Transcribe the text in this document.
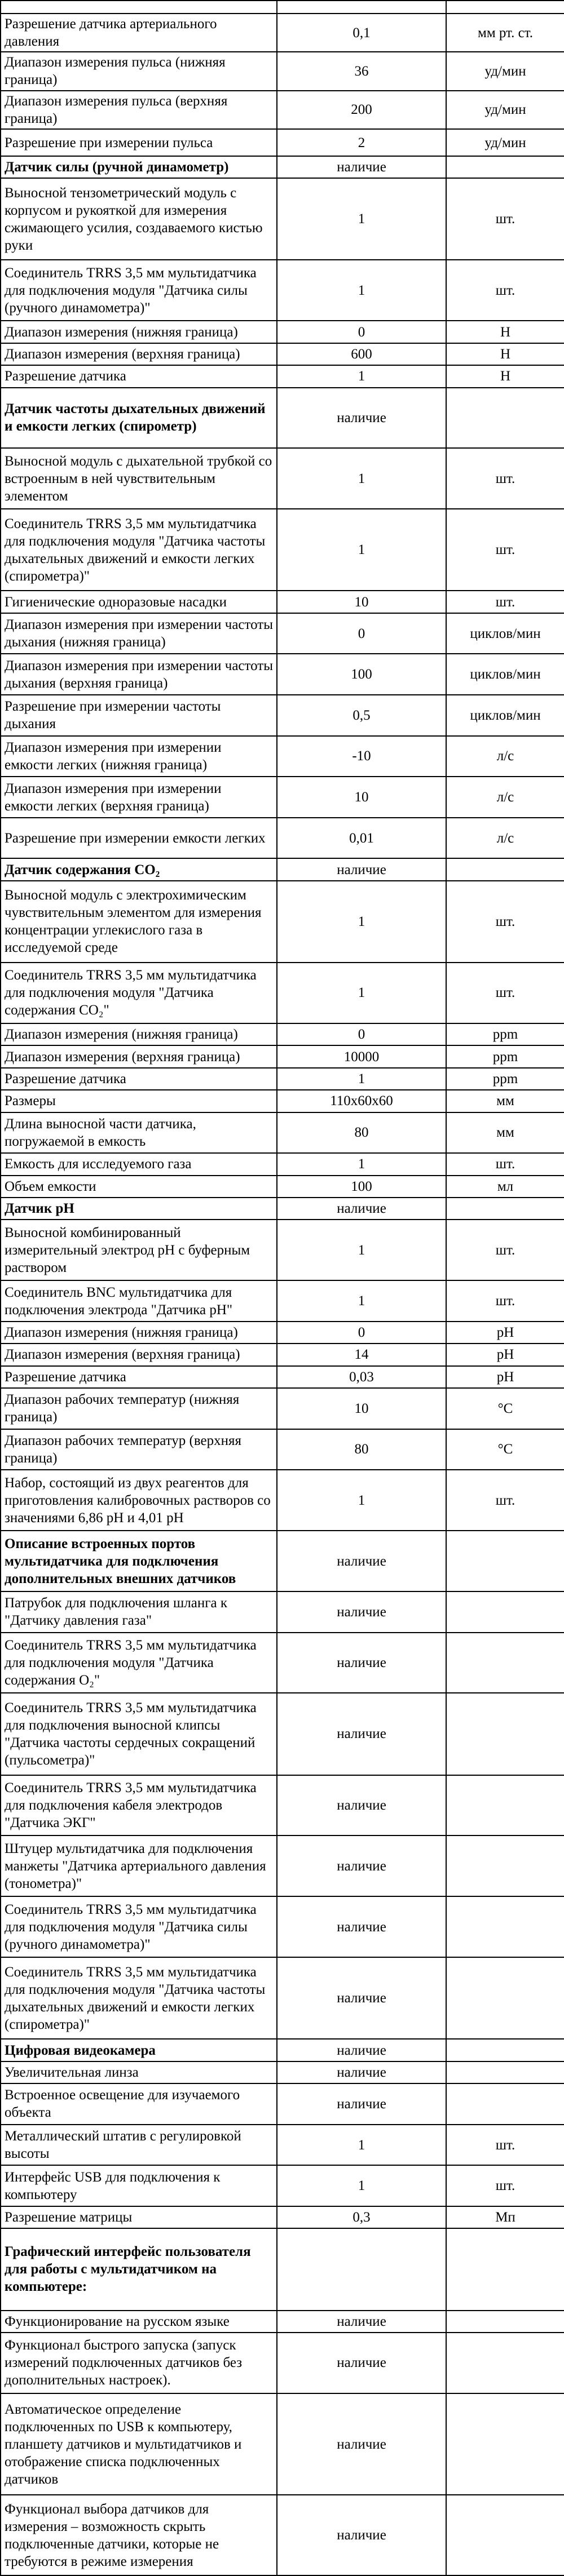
Разрешение датчика артериального давления	0,1	мм рт. ст.
Диапазон измерения пульса (нижняя граница)	36	уд/мин
Диапазон измерения пульса (верхняя граница)	200	уд/мин
Разрешение при измерении пульса	2	уд/мин
Датчик силы (ручной динамометр)	наличие	
Выносной тензометрический модуль с корпусом и рукояткой для измерения сжимающего усилия, создаваемого кистью руки	1	шт.
Соединитель TRRS 3,5 мм мультидатчика для подключения модуля "Датчика силы (ручного динамометра)"	1	шт.
Диапазон измерения (нижняя граница)	0	Н
Диапазон измерения (верхняя граница)	600	Н
Разрешение датчика	1	Н
Датчик частоты дыхательных движений и емкости легких (спирометр)	наличие	
Выносной модуль с дыхательной трубкой со встроенным в ней чувствительным элементом	1	шт.
Соединитель TRRS 3,5 мм мультидатчика для подключения модуля "Датчика частоты дыхательных движений и емкости легких (спирометра)"	1	шт.
Гигиенические одноразовые насадки	10	шт.
Диапазон измерения при измерении частоты дыхания (нижняя граница)	0	циклов/мин
Диапазон измерения при измерении частоты дыхания (верхняя граница)	100	циклов/мин
Разрешение при измерении частоты дыхания	0,5	циклов/мин
Диапазон измерения при измерении емкости легких (нижняя граница)	-10	л/с
Диапазон измерения при измерении емкости легких (верхняя граница)	10	л/с
Разрешение при измерении емкости легких	0,01	л/с
Датчик содержания CO₂	наличие	
Выносной модуль с электрохимическим чувствительным элементом для измерения концентрации углекислого газа в исследуемой среде	1	шт.
Соединитель TRRS 3,5 мм мультидатчика для подключения модуля "Датчика содержания CO₂"	1	шт.
Диапазон измерения (нижняя граница)	0	ppm
Диапазон измерения (верхняя граница)	10000	ppm
Разрешение датчика	1	ppm
Размеры	110x60x60	мм
Длина выносной части датчика, погружаемой в емкость	80	мм
Емкость для исследуемого газа	1	шт.
Объем емкости	100	мл
Датчик pH	наличие	
Выносной комбинированный измерительный электрод pH с буферным раствором	1	шт.
Соединитель BNC мультидатчика для подключения электрода "Датчика pH"	1	шт.
Диапазон измерения (нижняя граница)	0	pH
Диапазон измерения (верхняя граница)	14	pH
Разрешение датчика	0,03	pH
Диапазон рабочих температур (нижняя граница)	10	°C
Диапазон рабочих температур (верхняя граница)	80	°C
Набор, состоящий из двух реагентов для приготовления калибровочных растворов со значениями 6,86 pH и 4,01 pH	1	шт.
Описание встроенных портов мультидатчика для подключения дополнительных внешних датчиков	наличие	
Патрубок для подключения шланга к "Датчику давления газа"	наличие	
Соединитель TRRS 3,5 мм мультидатчика для подключения модуля "Датчика содержания O₂"	наличие	
Соединитель TRRS 3,5 мм мультидатчика для подключения выносной клипсы "Датчика частоты сердечных сокращений (пульсометра)"	наличие	
Соединитель TRRS 3,5 мм мультидатчика для подключения кабеля электродов "Датчика ЭКГ"	наличие	
Штуцер мультидатчика для подключения манжеты "Датчика артериального давления (тонометра)"	наличие	
Соединитель TRRS 3,5 мм мультидатчика для подключения модуля "Датчика силы (ручного динамометра)"	наличие	
Соединитель TRRS 3,5 мм мультидатчика для подключения модуля "Датчика частоты дыхательных движений и емкости легких (спирометра)"	наличие	
Цифровая видеокамера	наличие	
Увеличительная линза	наличие	
Встроенное освещение для изучаемого объекта	наличие	
Металлический штатив с регулировкой высоты	1	шт.
Интерфейс USB для подключения к компьютеру	1	шт.
Разрешение матрицы	0,3	Мп
Графический интерфейс пользователя для работы с мультидатчиком на компьютере:		
Функционирование на русском языке	наличие	
Функционал быстрого запуска (запуск измерений подключенных датчиков без дополнительных настроек).	наличие	
Автоматическое определение подключенных по USB к компьютеру, планшету датчиков и мультидатчиков и отображение списка подключенных датчиков	наличие	
Функционал выбора датчиков для измерения – возможность скрыть подключенные датчики, которые не требуются в режиме измерения	наличие	
